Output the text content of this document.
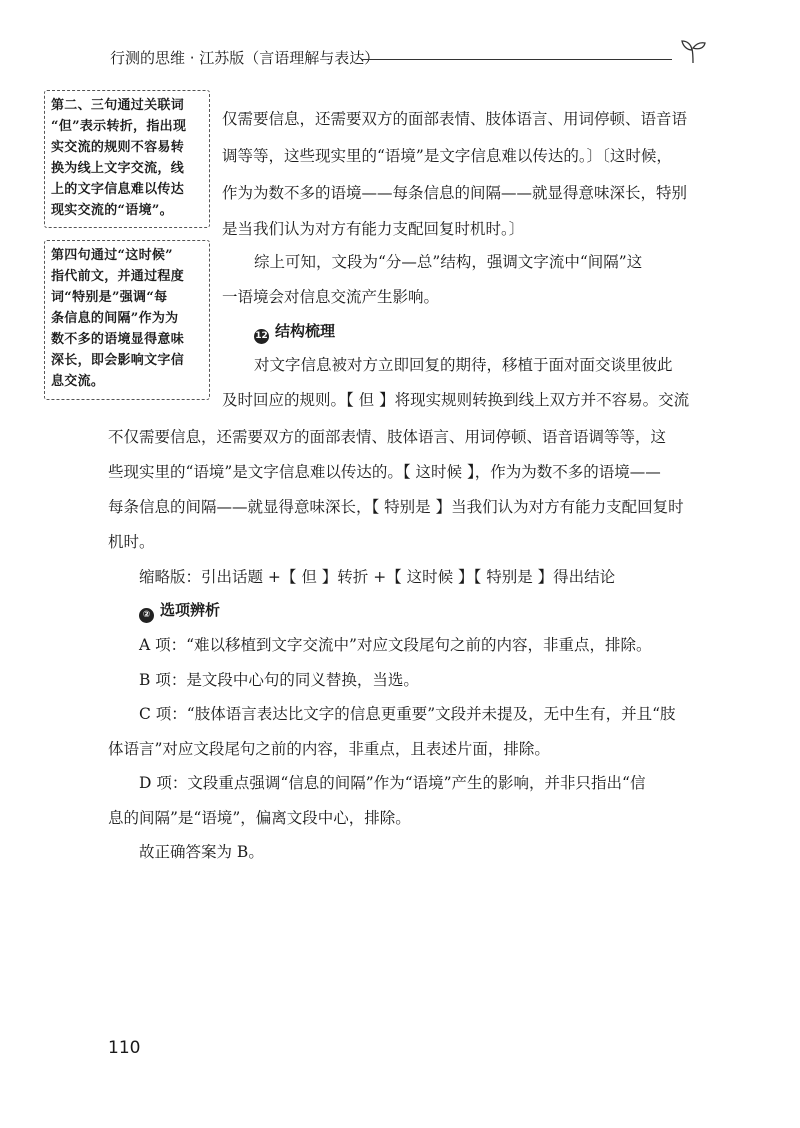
行测的思维 · 江苏版（言语理解与表达）
第二、三句通过关联词
“但”表示转折，指出现
实交流的规则不容易转
换为线上文字交流，线
上的文字信息难以传达
现实交流的“语境”。
第四句通过“这时候”
指代前文，并通过程度
词“特别是”强调“每
条信息的间隔”作为为
数不多的语境显得意味
深长，即会影响文字信
息交流。
仅需要信息，还需要双方的面部表情、肢体语言、用词停顿、语音语
调等等，这些现实里的“语境”是文字信息难以传达的。〕〔这时候，
作为为数不多的语境——每条信息的间隔——就显得意味深长，特别
是当我们认为对方有能力支配回复时机时。〕
综上可知，文段为“分—总”结构，强调文字流中“间隔”这
一语境会对信息交流产生影响。
12 结构梳理
对文字信息被对方立即回复的期待，移植于面对面交谈里彼此
及时回应的规则。【 但 】将现实规则转换到线上双方并不容易。交流
不仅需要信息，还需要双方的面部表情、肢体语言、用词停顿、语音语调等等，这
些现实里的“语境”是文字信息难以传达的。【 这时候 】，作为为数不多的语境——
每条信息的间隔——就显得意味深长，【 特别是 】当我们认为对方有能力支配回复时
机时。
缩略版：引出话题 +【 但 】转折 +【 这时候 】【 特别是 】得出结论
② 选项辨析
A 项：“难以移植到文字交流中”对应文段尾句之前的内容，非重点，排除。
B 项：是文段中心句的同义替换，当选。
C 项：“肢体语言表达比文字的信息更重要”文段并未提及，无中生有，并且“肢
体语言”对应文段尾句之前的内容，非重点，且表述片面，排除。
D 项：文段重点强调“信息的间隔”作为“语境”产生的影响，并非只指出“信
息的间隔”是“语境”，偏离文段中心，排除。
故正确答案为 B。
110
